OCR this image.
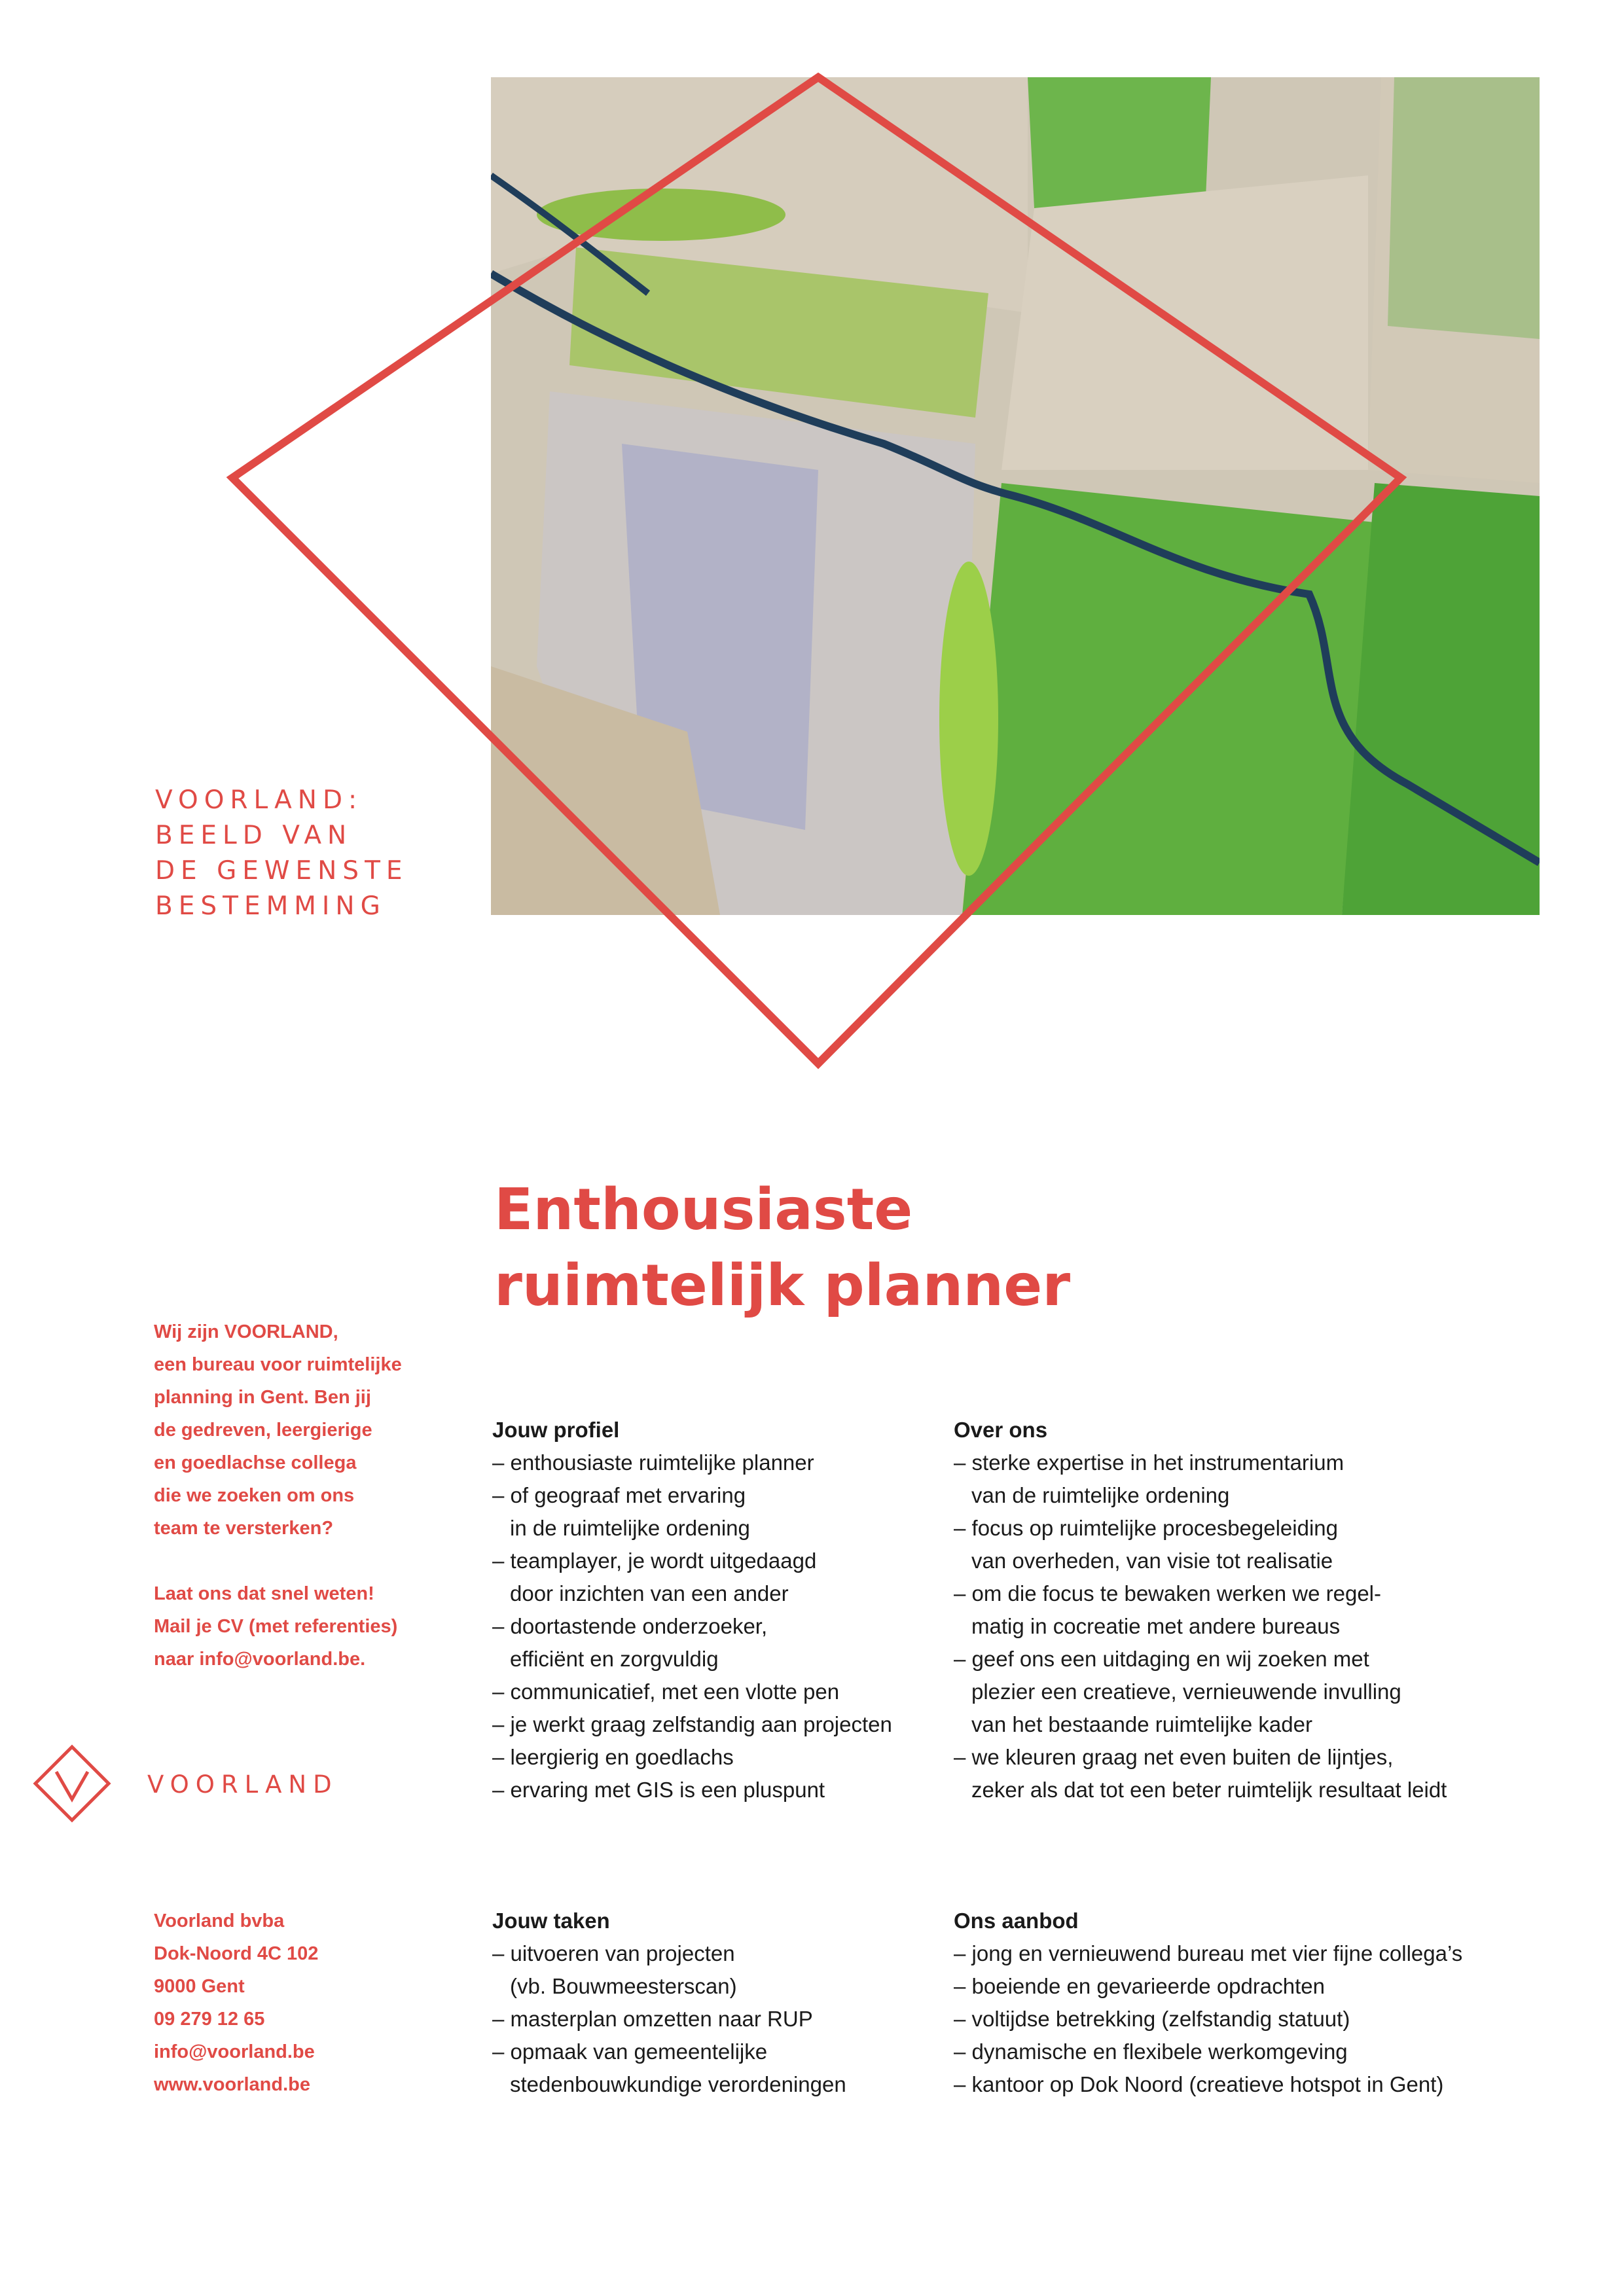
VOORLAND:
BEELD VAN
DE GEWENSTE
BESTEMMING
Enthousiaste
ruimtelijk planner
Wij zijn VOORLAND,
een bureau voor ruimtelijke
planning in Gent. Ben jij
de gedreven, leergierige
en goedlachse collega
die we zoeken om ons
team te versterken?
Laat ons dat snel weten!
Mail je CV (met referenties)
naar info@voorland.be.
Jouw profiel
– enthousiaste ruimtelijke planner
– of geograaf met ervaring
in de ruimtelijke ordening
– teamplayer, je wordt uitgedaagd
door inzichten van een ander
– doortastende onderzoeker,
efficiënt en zorgvuldig
– communicatief, met een vlotte pen
– je werkt graag zelfstandig aan projecten
– leergierig en goedlachs
– ervaring met GIS is een pluspunt
Over ons
– sterke expertise in het instrumentarium
van de ruimtelijke ordening
– focus op ruimtelijke procesbegeleiding
van overheden, van visie tot realisatie
– om die focus te bewaken werken we regel-
matig in cocreatie met andere bureaus
– geef ons een uitdaging en wij zoeken met
plezier een creatieve, vernieuwende invulling
van het bestaande ruimtelijke kader
– we kleuren graag net even buiten de lijntjes,
zeker als dat tot een beter ruimtelijk resultaat leidt
VOORLAND
Voorland bvba
Dok-Noord 4C 102
9000 Gent
09 279 12 65
info@voorland.be
www.voorland.be
Jouw taken
– uitvoeren van projecten
(vb. Bouwmeesterscan)
– masterplan omzetten naar RUP
– opmaak van gemeentelijke
stedenbouwkundige verordeningen
Ons aanbod
– jong en vernieuwend bureau met vier fijne collega’s
– boeiende en gevarieerde opdrachten
– voltijdse betrekking (zelfstandig statuut)
– dynamische en flexibele werkomgeving
– kantoor op Dok Noord (creatieve hotspot in Gent)
